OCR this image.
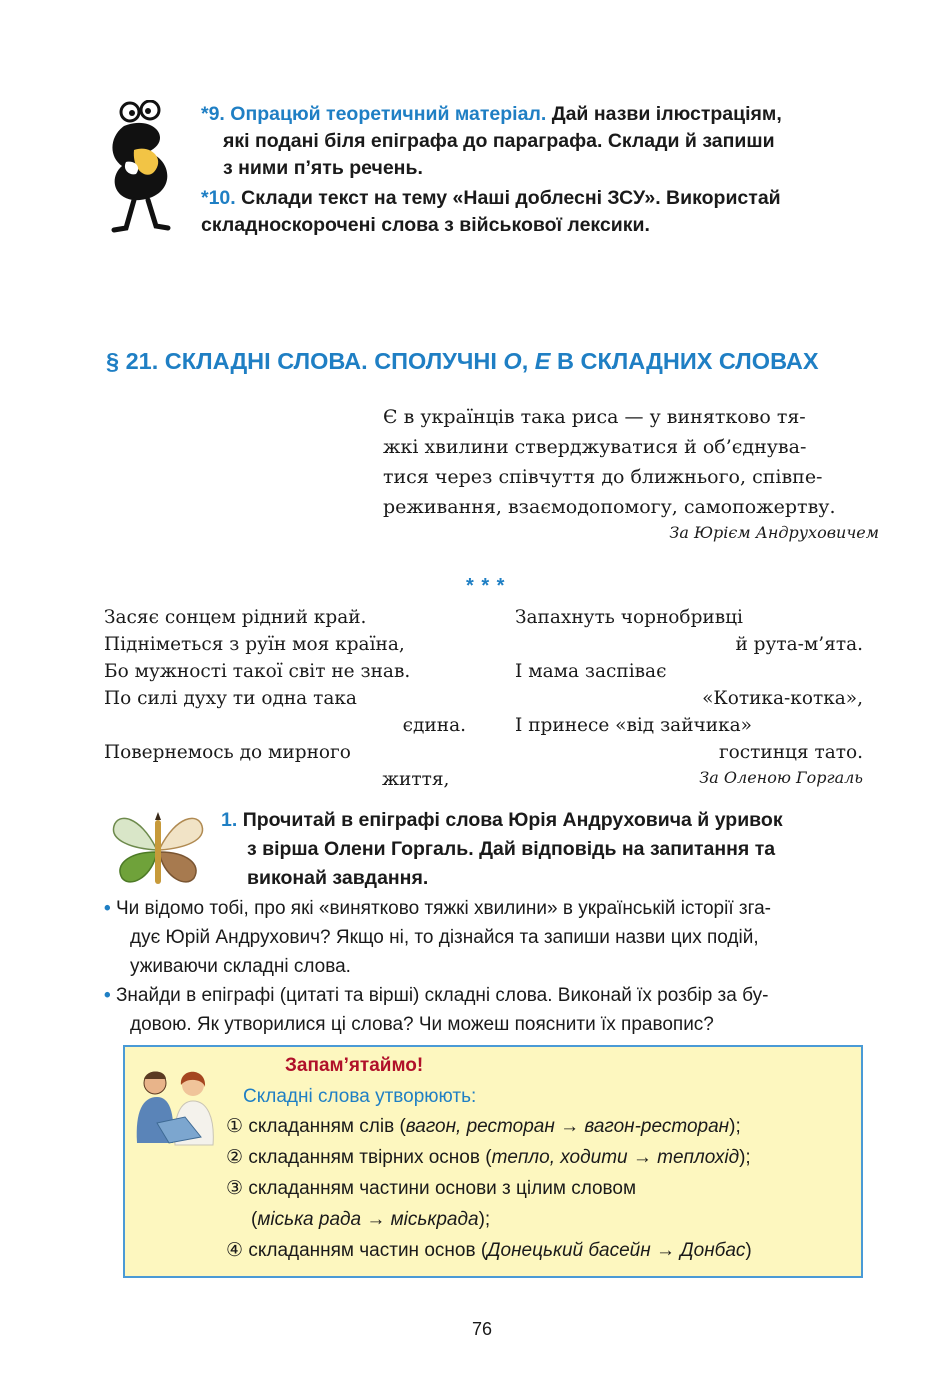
*9. Опрацюй теоретичний матеріал. Дай назви ілюстраціям,
які подані біля епіграфа до параграфа. Склади й запиши
з ними п’ять речень.
*10. Склади текст на тему «Наші доблесні ЗСУ». Використай
складноскорочені слова з військової лексики.
§ 21. СКЛАДНІ СЛОВА. СПОЛУЧНІ О, Е В СКЛАДНИХ СЛОВАХ
Є в українців така риса — у винятково тя-
жкі хвилини стверджуватися й об’єднува-
тися через співчуття до ближнього, співпе-
реживання, взаємодопомогу, самопожертву.
За Юрієм Андруховичем
* * *
Засяє сонцем рідний край.
Підніметься з руїн моя країна,
Бо мужності такої світ не знав.
По силі духу ти одна така
єдина.
Повернемось до мирного
життя,
Запахнуть чорнобривці
й рута-м’ята.
І мама заспіває
«Котика-котка»,
І принесе «від зайчика»
гостинця тато.
За Оленою Горгаль
1. Прочитай в епіграфі слова Юрія Андруховича й уривок
з вірша Олени Горгаль. Дай відповідь на запитання та
виконай завдання.
• Чи відомо тобі, про які «винятково тяжкі хвилини» в українській історії зга-
дує Юрій Андрухович? Якщо ні, то дізнайся та запиши назви цих подій,
уживаючи складні слова.
• Знайди в епіграфі (цитаті та вірші) складні слова. Виконай їх розбір за бу-
довою. Як утворилися ці слова? Чи можеш пояснити їх правопис?
Запам’ятаймо!
Складні слова утворюють:
① складанням слів (вагон, ресторан → вагон-ресторан);
② складанням твірних основ (тепло, ходити → теплохід);
③ складанням частини основи з цілим словом
(міська рада → міськрада);
④ складанням частин основ (Донецький басейн → Донбас)
76
